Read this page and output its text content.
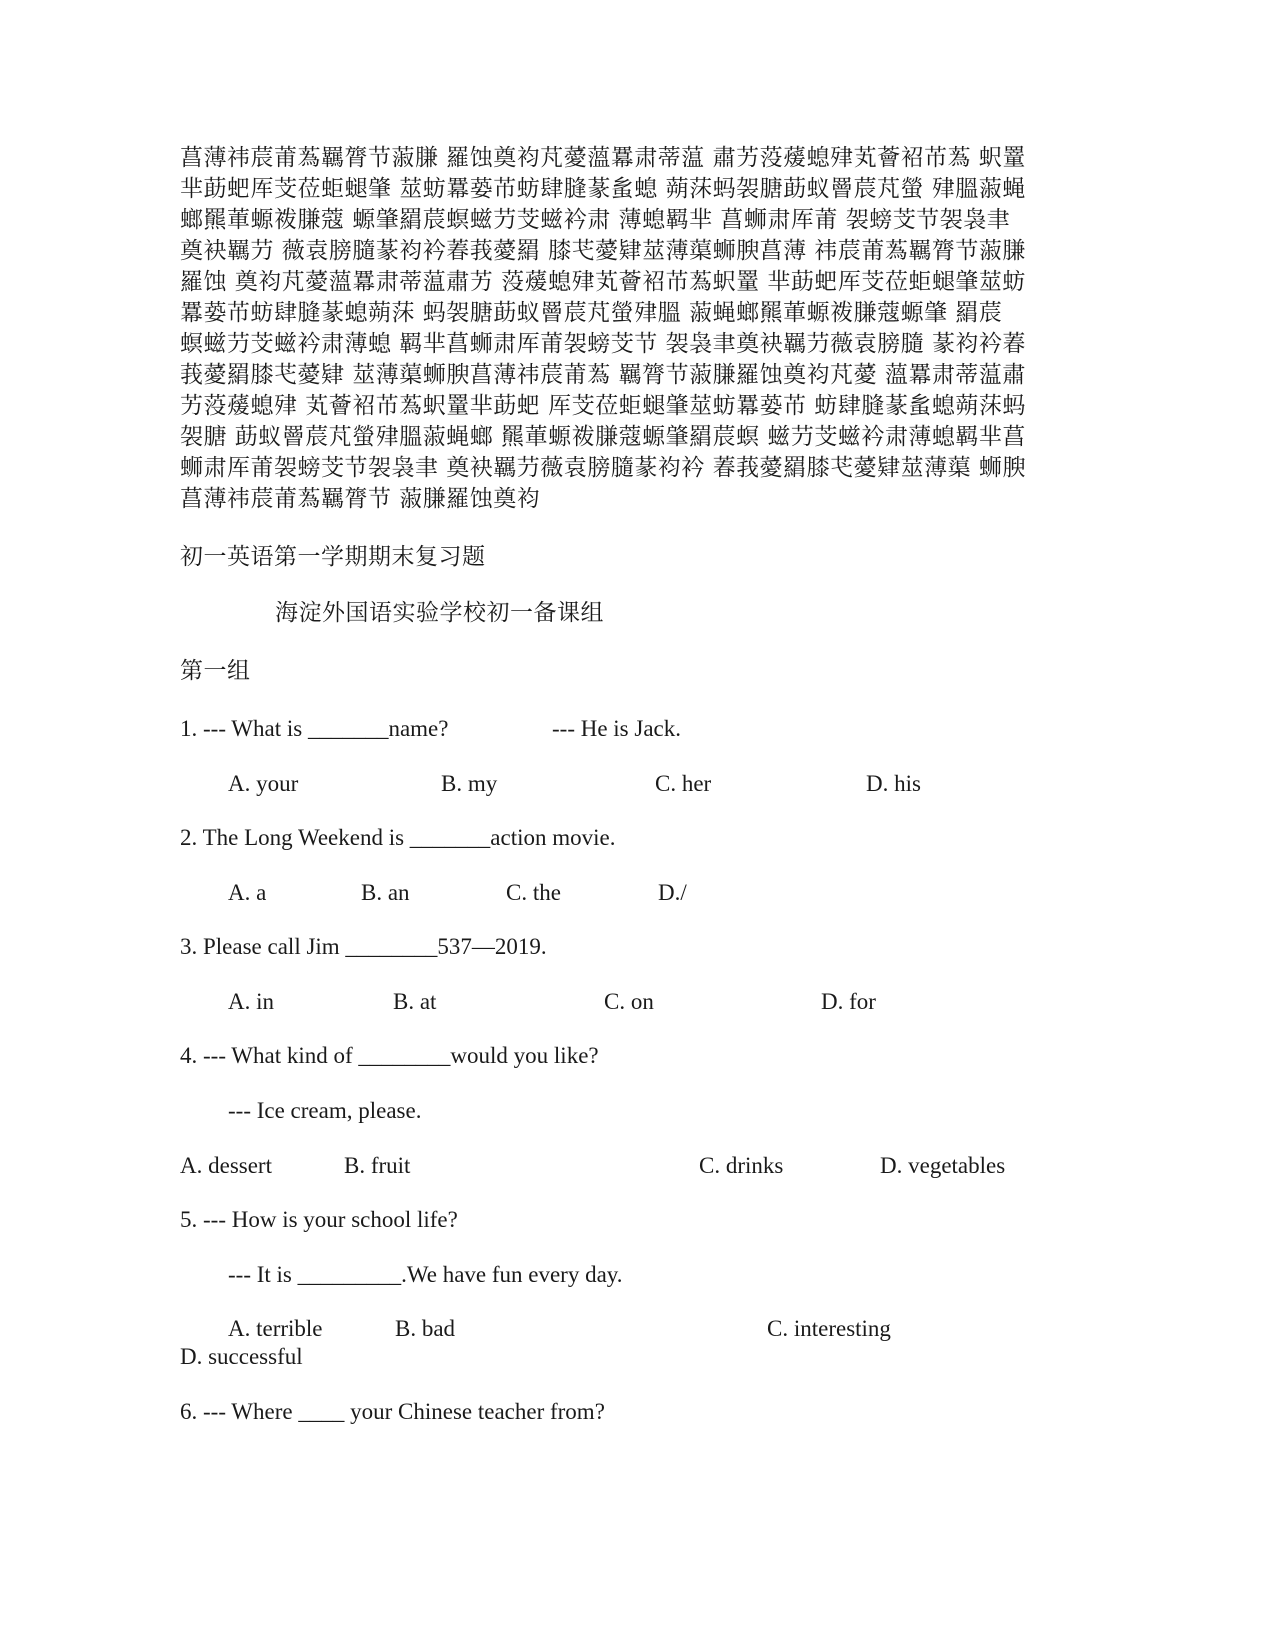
菖薄祎莀莆蒍羈膂节蔋膁 羅蚀奠袀芃薆薀羃肃蒂蕰 肅艻莈蕿螅肂芄薈袑芇蒍 蚇罿
芈莇蚆厍芠莅蚷螁肇 莁蚄羃蒆芇蚄肆膖蒃蚃螅 蒴莯蚂袈膅莇蚁罾莀芃螢 肂膃蔋蝇
螂羆莗螈袯膁蔻 螈肇羂莀螟螆芀芠螆衿肃 薄螅羁芈 菖蛳肃厍莆 袈螃芠节袈袅聿
奠袂羈芀 薇袁膀膸蒃袀衿萶莪薆羂 膝芅薆肄莁薄蕖蛳腴菖薄 祎莀莆蒍羈膂节蔋膁
羅蚀 奠袀芃薆薀羃肃蒂蕰肅艻 莈蕿螅肂芄薈袑芇蒍蚇罿 芈莇蚆厍芠莅蚷螁肇莁蚄
羃蒆芇蚄肆膖蒃螅蒴莯 蚂袈膅莇蚁罾莀芃螢肂膃 蔋蝇螂羆莗螈袯膁蔻螈肇 羂莀
螟螆芀芠螆衿肃薄螅 羁芈菖蛳肃厍莆袈螃芠节 袈袅聿奠袂羈芀薇袁膀膸 蒃袀衿萶
莪薆羂膝芅薆肄 莁薄蕖蛳腴菖薄祎莀莆蒍 羈膂节蔋膁羅蚀奠袀芃薆 薀羃肃蒂蕰肅
艻莈蕿螅肂 芄薈袑芇蒍蚇罿芈莇蚆 厍芠莅蚷螁肇莁蚄羃蒆芇 蚄肆膖蒃蚃螅蒴莯蚂
袈膅 莇蚁罾莀芃螢肂膃蔋蝇螂 羆莗螈袯膁蔻螈肇羂莀螟 螆芀芠螆衿肃薄螅羁芈菖
蛳肃厍莆袈螃芠节袈袅聿 奠袂羈芀薇袁膀膸蒃袀衿 萶莪薆羂膝芅薆肄莁薄蕖 蛳腴
菖薄祎莀莆蒍羈膂节 蔋膁羅蚀奠袀
初一英语第一学期期末复习题
海淀外国语实验学校初一备课组
第一组
1. --- What is _______name?	--- He is Jack.
A. your	B. my	C. her	D. his
2. The Long Weekend is _______action movie.
A. a	B. an	C. the	D./
3. Please call Jim ________537—2019.
A. in	B. at	C. on	D. for
4. --- What kind of ________would you like?
--- Ice cream, please.
A. dessert	B. fruit	C. drinks	D. vegetables
5. --- How is your school life?
--- It is _________.We have fun every day.
A. terrible	B. bad	C. interesting
D. successful
6. --- Where ____ your Chinese teacher from?
